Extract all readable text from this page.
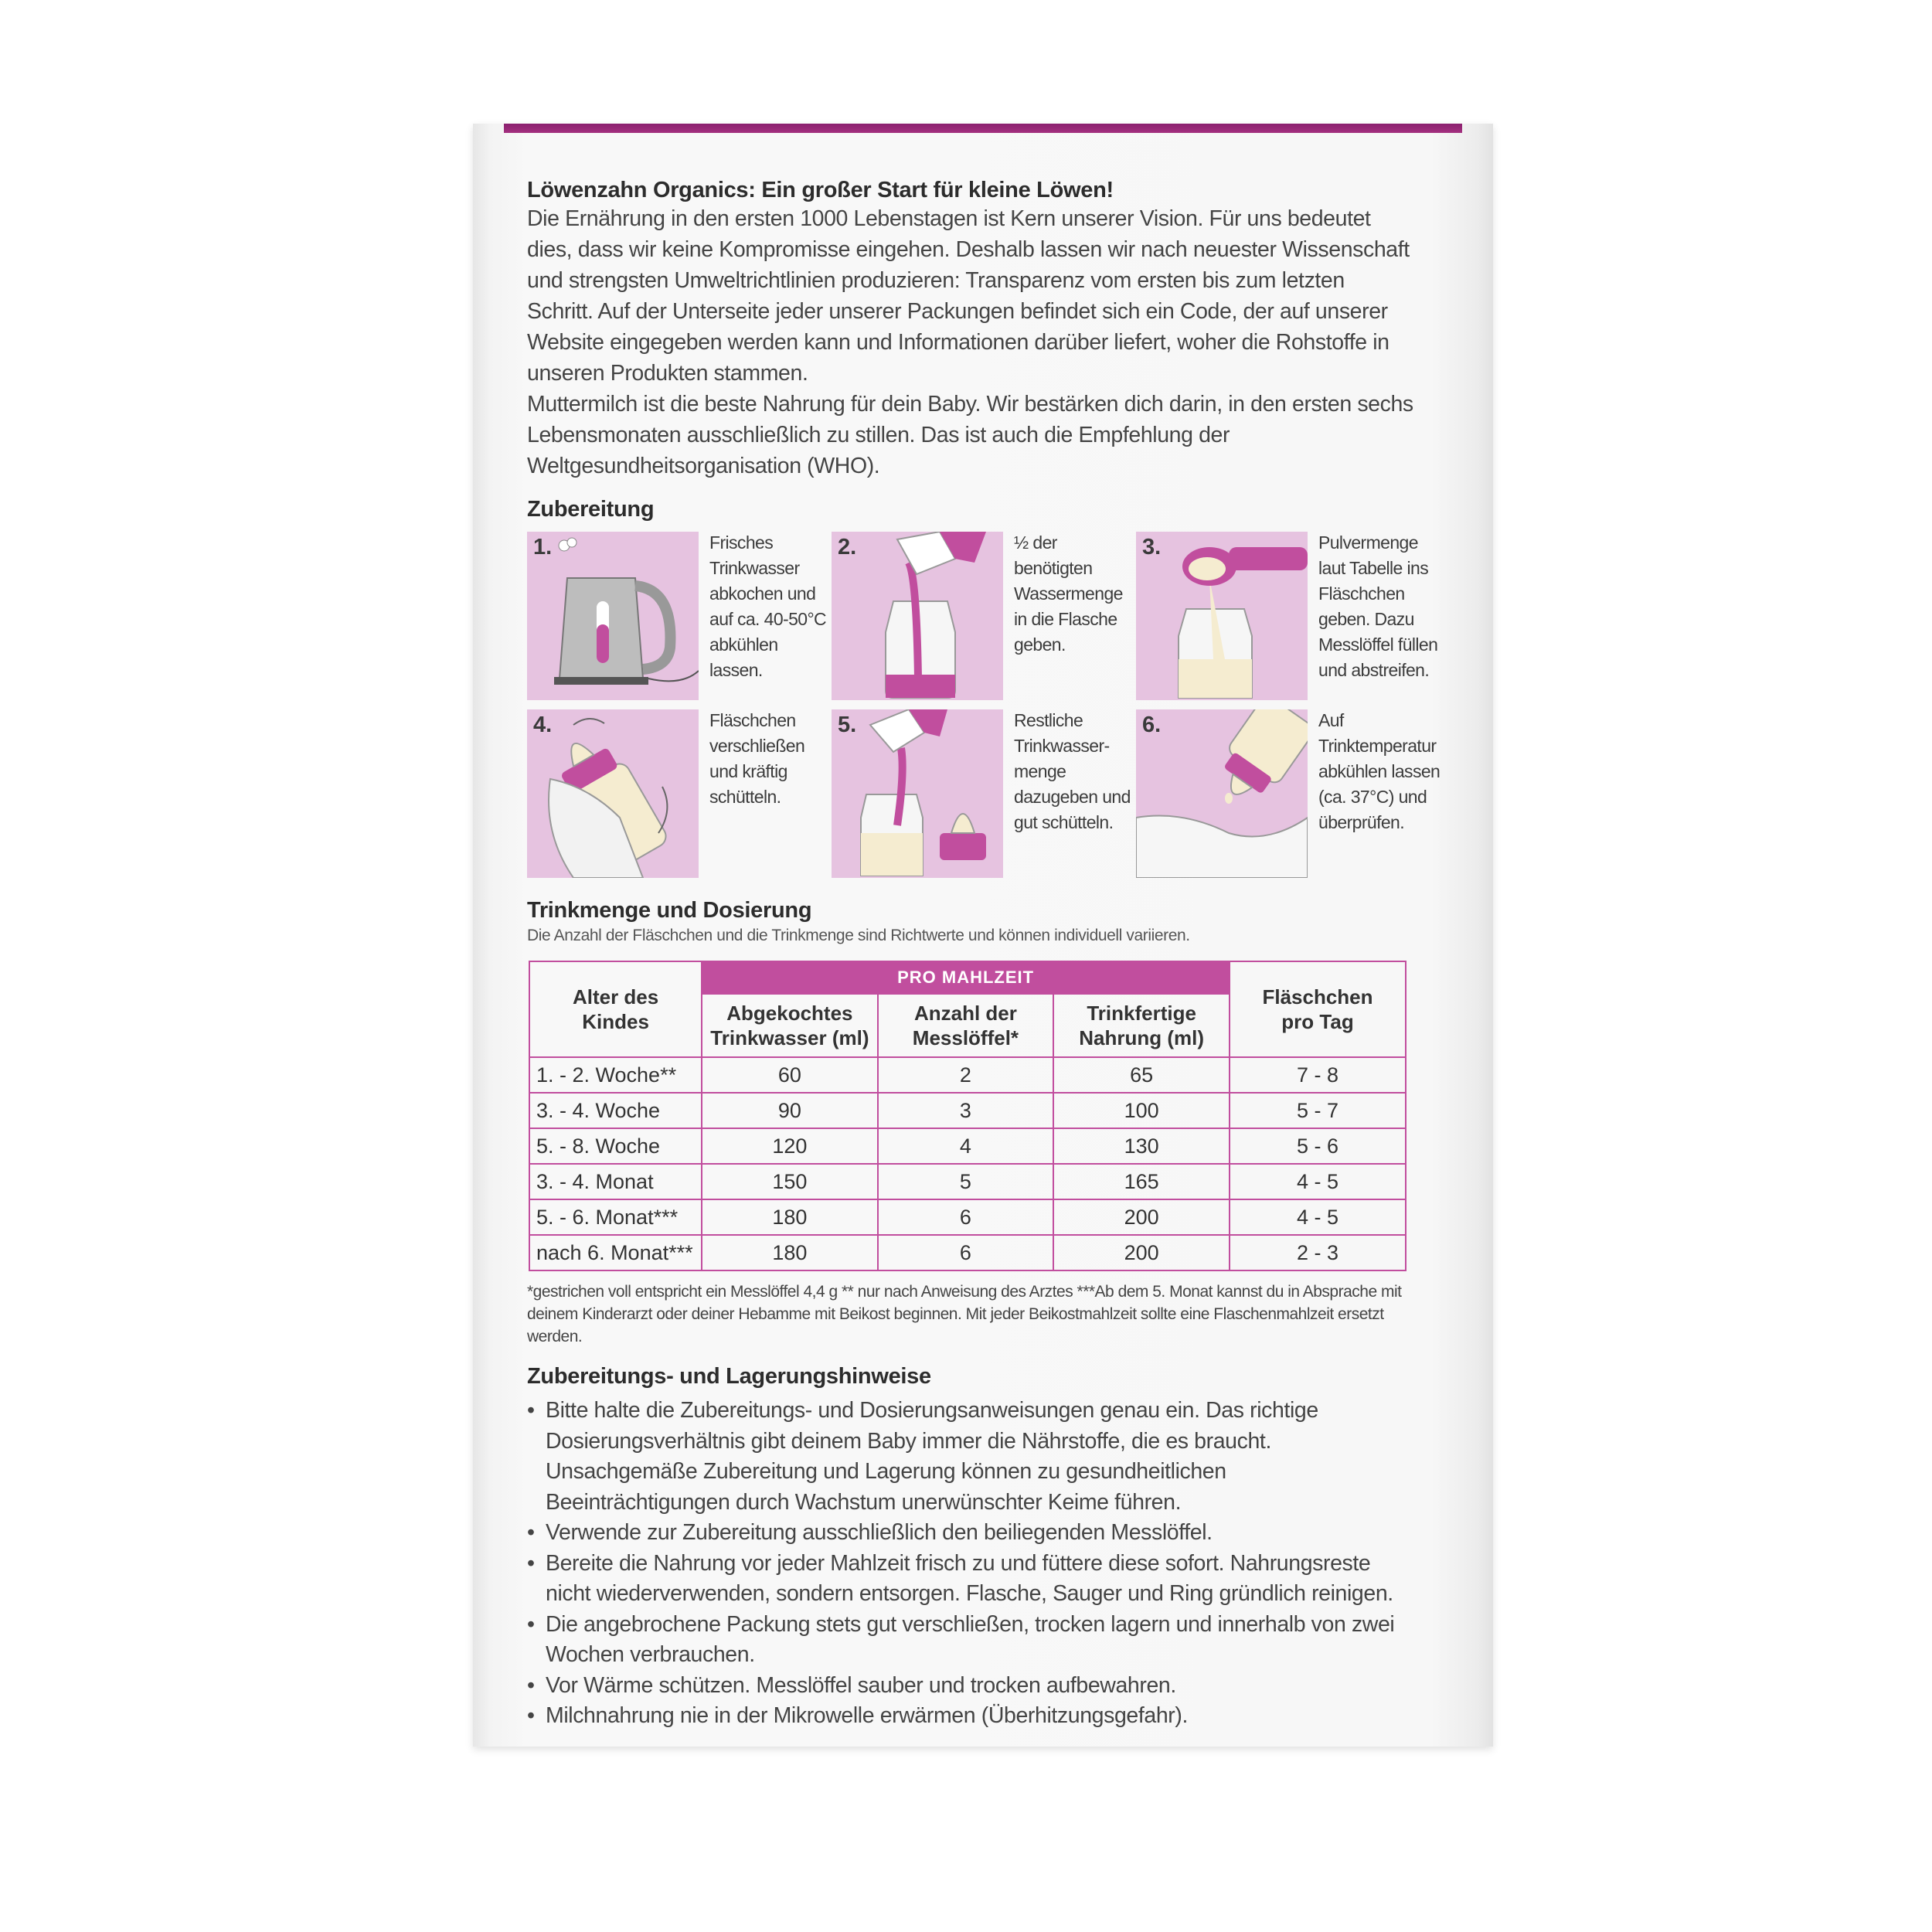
Löwenzahn Organics: Ein großer Start für kleine Löwen!

Die Ernährung in den ersten 1000 Lebenstagen ist Kern unserer Vision. Für uns bedeutet dies, dass wir keine Kompromisse eingehen. Deshalb lassen wir nach neuester Wissenschaft und strengsten Umweltrichtlinien produzieren: Transparenz vom ersten bis zum letzten Schritt. Auf der Unterseite jeder unserer Packungen befindet sich ein Code, der auf unserer Website eingegeben werden kann und Informationen darüber liefert, woher die Rohstoffe in unseren Produkten stammen.

Muttermilch ist die beste Nahrung für dein Baby. Wir bestärken dich darin, in den ersten sechs Lebensmonaten ausschließlich zu stillen. Das ist auch die Empfehlung der Weltgesundheitsorganisation (WHO).

Zubereitung

1.	Frisches Trinkwasser abkochen und auf ca. 40-50°C abkühlen lassen.
2.	½ der benötigten Wassermenge in die Flasche geben.
3.	Pulvermenge laut Tabelle ins Fläschchen geben. Dazu Messlöffel füllen und abstreifen.
4.	Fläschchen verschließen und kräftig schütteln.
5.	Restliche Trinkwasser-menge dazugeben und gut schütteln.
6.	Auf Trinktemperatur abkühlen lassen (ca. 37°C) und überprüfen.

Trinkmenge und Dosierung

Die Anzahl der Fläschchen und die Trinkmenge sind Richtwerte und können individuell variieren.

Alter des Kindes	PRO MAHLZEIT			Fläschchen pro Tag
	Abgekochtes Trinkwasser (ml)	Anzahl der Messlöffel*	Trinkfertige Nahrung (ml)	
1. - 2. Woche**	60	2	65	7 - 8
3. - 4. Woche	90	3	100	5 - 7
5. - 8. Woche	120	4	130	5 - 6
3. - 4. Monat	150	5	165	4 - 5
5. - 6. Monat***	180	6	200	4 - 5
nach 6. Monat***	180	6	200	2 - 3

*gestrichen voll entspricht ein Messlöffel 4,4 g ** nur nach Anweisung des Arztes ***Ab dem 5. Monat kannst du in Absprache mit deinem Kinderarzt oder deiner Hebamme mit Beikost beginnen. Mit jeder Beikostmahlzeit sollte eine Flaschenmahlzeit ersetzt werden.

Zubereitungs- und Lagerungshinweise

• Bitte halte die Zubereitungs- und Dosierungsanweisungen genau ein. Das richtige Dosierungsverhältnis gibt deinem Baby immer die Nährstoffe, die es braucht. Unsachgemäße Zubereitung und Lagerung können zu gesundheitlichen Beeinträchtigungen durch Wachstum unerwünschter Keime führen.
• Verwende zur Zubereitung ausschließlich den beiliegenden Messlöffel.
• Bereite die Nahrung vor jeder Mahlzeit frisch zu und füttere diese sofort. Nahrungsreste nicht wiederverwenden, sondern entsorgen. Flasche, Sauger und Ring gründlich reinigen.
• Die angebrochene Packung stets gut verschließen, trocken lagern und innerhalb von zwei Wochen verbrauchen.
• Vor Wärme schützen. Messlöffel sauber und trocken aufbewahren.
• Milchnahrung nie in der Mikrowelle erwärmen (Überhitzungsgefahr).
